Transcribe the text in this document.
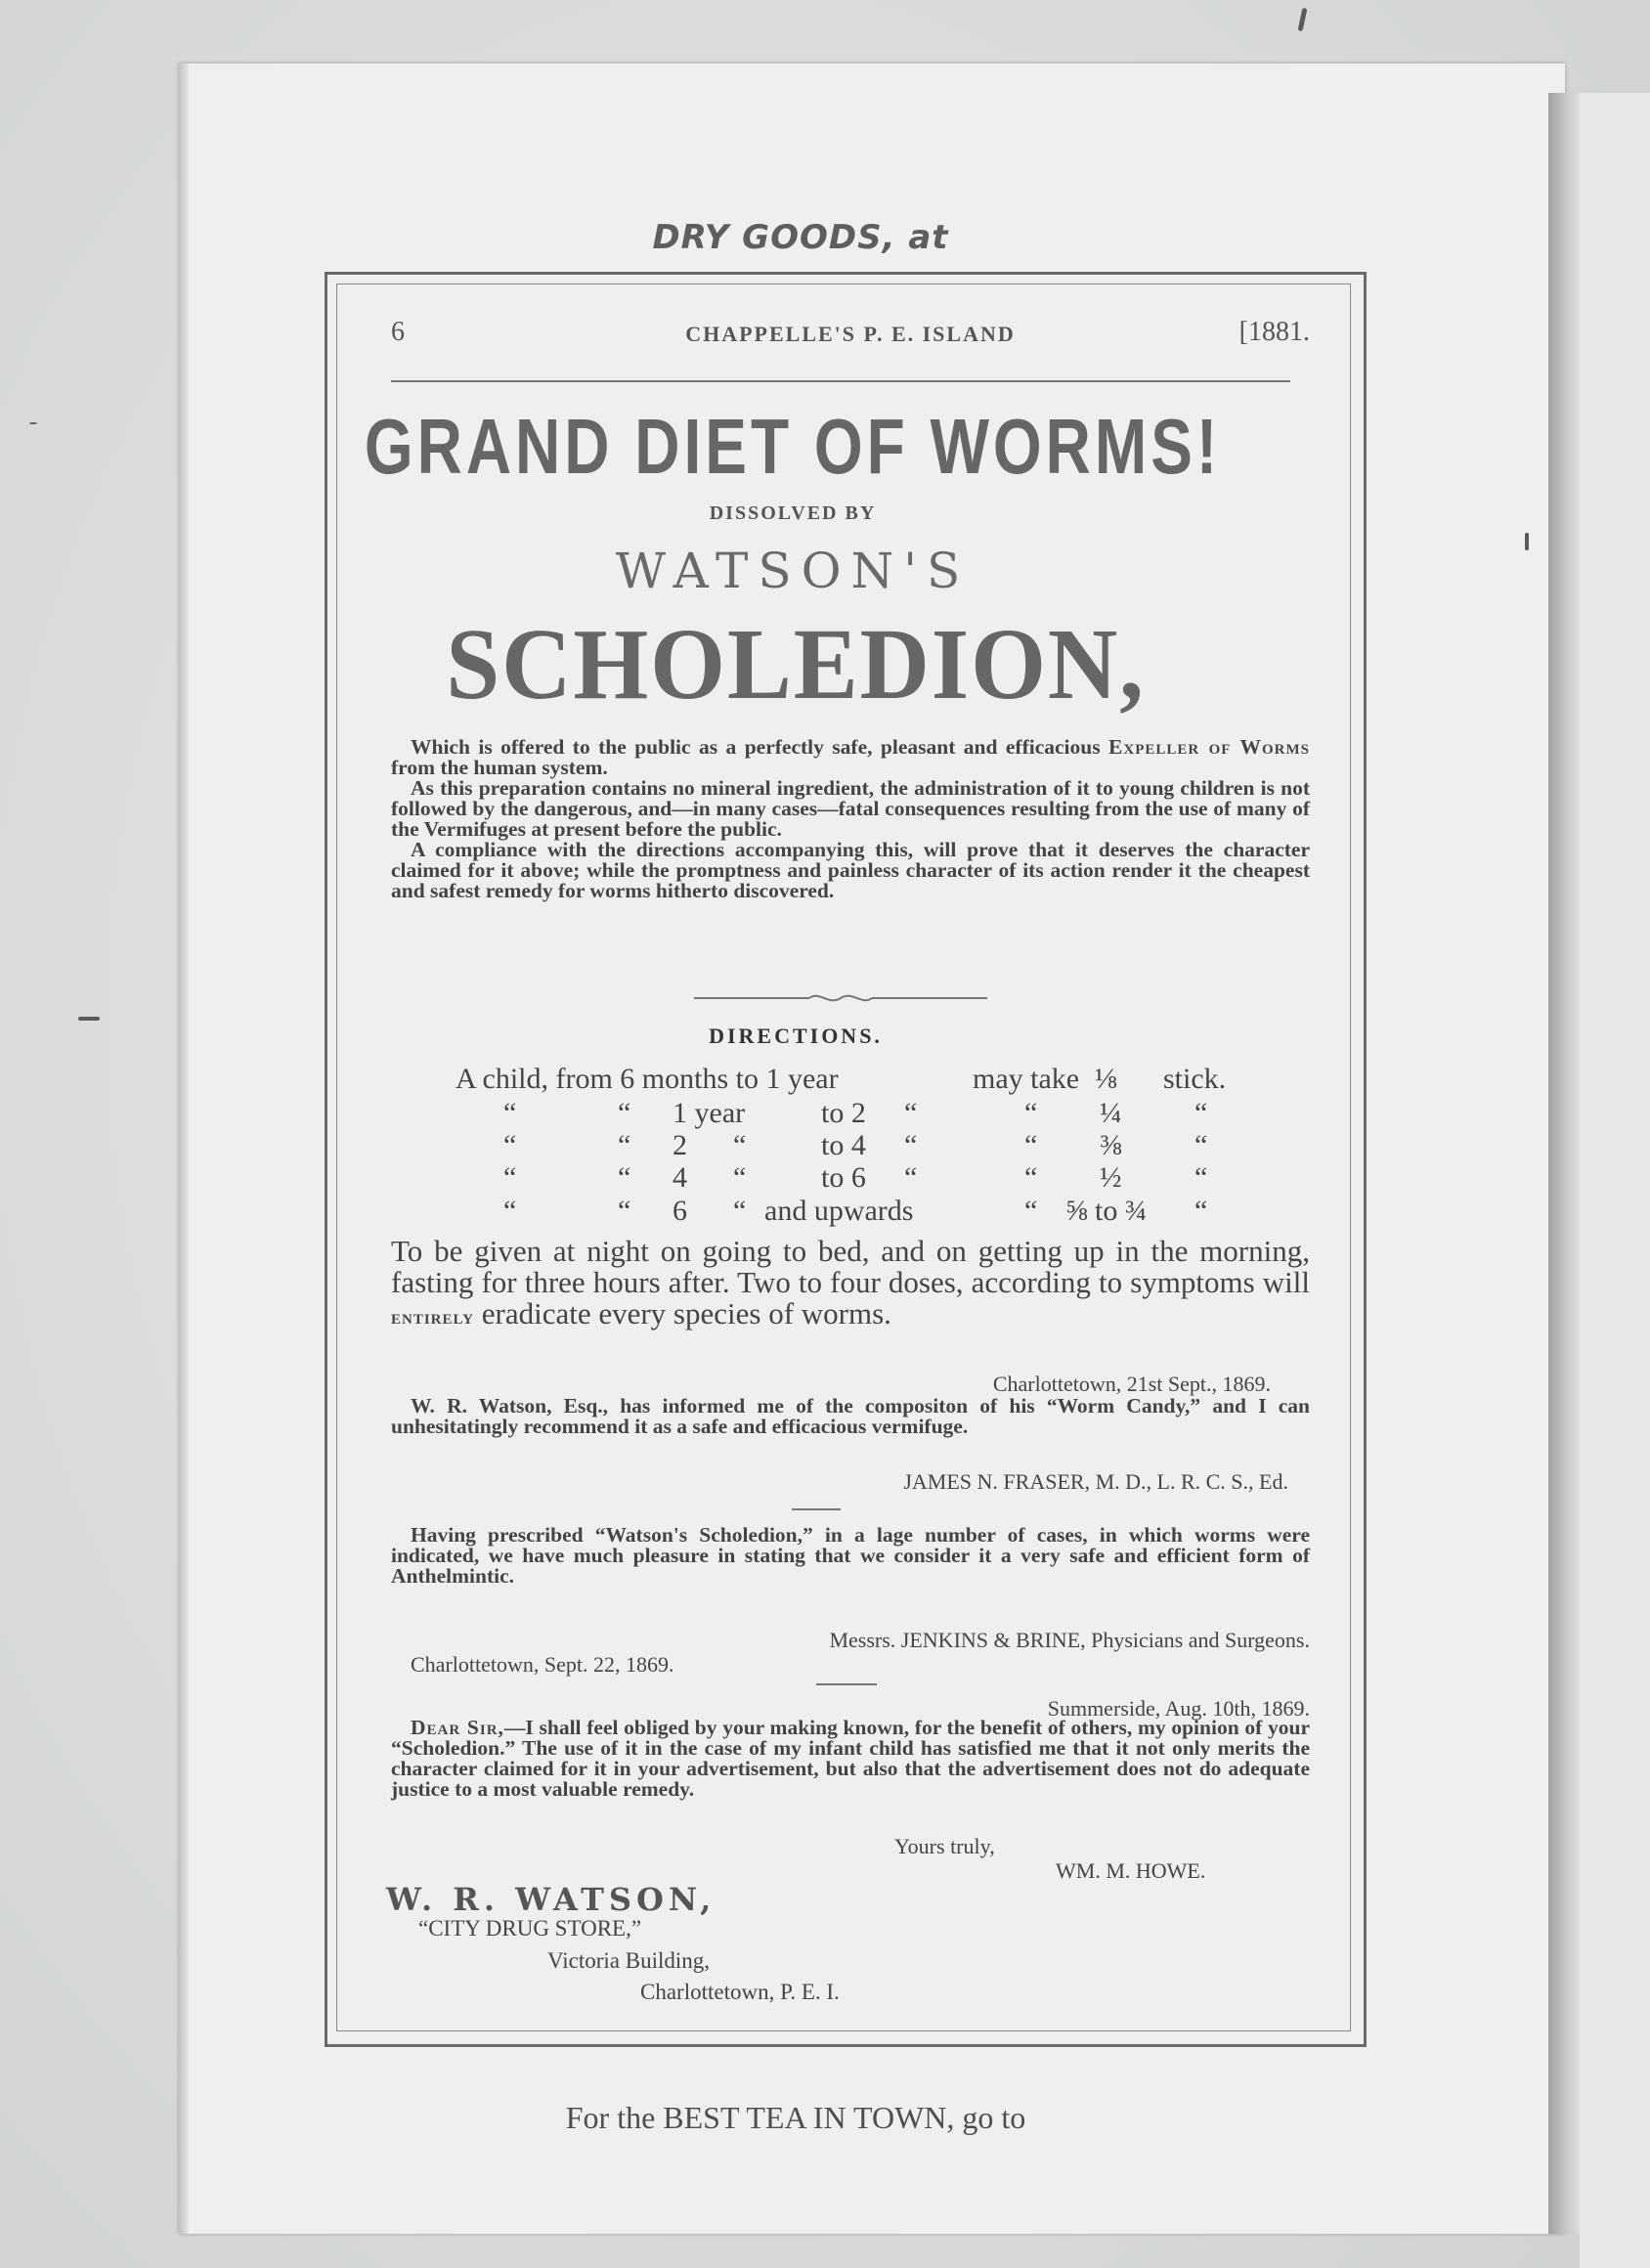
DRY GOODS, at
6	CHAPPELLE'S P. E. ISLAND	[1881.
GRAND DIET OF WORMS!
DISSOLVED BY
WATSON'S
SCHOLEDION,

Which is offered to the public as a perfectly safe, pleasant and efficacious Expeller of Worms from the human system.

As this preparation contains no mineral ingredient, the administration of it to young children is not followed by the dangerous, and—in many cases—fatal consequences resulting from the use of many of the Vermifuges at present before the public.

A compliance with the directions accompanying this, will prove that it deserves the character claimed for it above; while the promptness and painless character of its action render it the cheapest and safest remedy for worms hitherto discovered.

DIRECTIONS.
A child, from 6 months to 1 year	may take ⅛ stick.
“	“ 1 year	to 2 “	“ ¼ “
“	“ 2 “	to 4 “	“ ⅜ “
“	“ 4 “	to 6 “	“ ½ “
“	“ 6 “ and upwards	“ ⅝ to ¾ “
To be given at night on going to bed, and on getting up in the morning, fasting for three hours after. Two to four doses, according to symptoms will entirely eradicate every species of worms.
Charlottetown, 21st Sept., 1869.
W. R. Watson, Esq., has informed me of the compositon of his “Worm Candy,” and I can unhesitatingly recommend it as a safe and efficacious vermifuge.
JAMES N. FRASER, M. D., L. R. C. S., Ed.
Having prescribed “Watson's Scholedion,” in a lage number of cases, in which worms were indicated, we have much pleasure in stating that we consider it a very safe and efficient form of Anthelmintic.
Messrs. JENKINS & BRINE, Physicians and Surgeons.
Charlottetown, Sept. 22, 1869.
Summerside, Aug. 10th, 1869.
Dear Sir,—I shall feel obliged by your making known, for the benefit of others, my opinion of your “Scholedion.” The use of it in the case of my infant child has satisfied me that it not only merits the character claimed for it in your advertisement, but also that the advertisement does not do adequate justice to a most valuable remedy.
Yours truly,
WM. M. HOWE.
W. R. WATSON,
“CITY DRUG STORE,”
Victoria Building,
Charlottetown, P. E. I.
For the BEST TEA IN TOWN, go to
